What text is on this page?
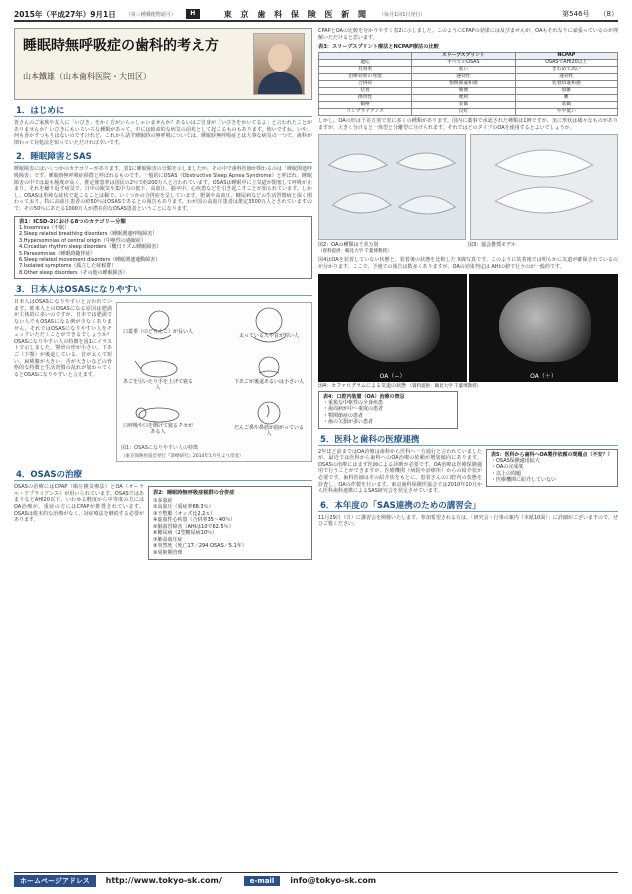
2015年（平成27年）9月1日 （第三種郵便物認可）	H	東 京 歯 科 保 険 医 新 聞 （毎月1回1日発行）	第546号 （8）
睡眠時無呼吸症の歯科的考え方
山本鐵雄（山本歯科医院・大田区）
1．はじめに

皆さんのご家族や友人に「いびき」をかく方がいらっしゃいませんか？あるいはご自身が「いびきをかいてるよ」と言われたことがありませんか？いびきにもいろいろな種類があって、中には致命的な病気の前兆として起こるものもあります。怖いですね。いや、何も香かすつもりはないのですけれど、これから話す睡眠時の無呼吸については、睡眠時無呼吸症とは大事な病気の一つで、歯科が関わって対処法を知っていただければ幸いです。

2．睡眠障害とSAS

睡眠障害にはいくつかのカテゴリーがあります。表1に睡眠障害の分類を示しましたが、その中で歯科医師が関わるのは「睡眠関連呼吸障害」です。睡眠時無呼吸症候群と呼ばれるものです。一般的にOSAS（Obstructive Sleep Apnea Syndrome）と呼ばれ、睡眠障害の中では最も頻度が高く、推定罹患率は国民の2％で約200万人と言われています。OSASは睡眠中に上気道が閉塞して呼吸が止まり、それを繰り返す病気で、日中の眠気や集中力の低下、高血圧、脳卒中、心疾患などを引き起こすことが知られています。しかし、OSASは単純な症状で起こることは稀で、いくつかの合併症を呈しています。肥満や高血圧、糖尿病などの生活習慣病と深く関わっており、特に高血圧患者の約50％はOSASであるとの報告もあります。わが国の高血圧患者は推定3500万人とされていますので、その50％にあたる1000万人が潜在的なOSAS患者ということになります。

表1：ICSD-2における8つのカテゴリー分類
1.Insomnias（不眠）
2.Sleep related breathing disorders（睡眠関連呼吸障害）
3.Hypersomnias of central origin（中枢性の過眠症）
4.Circadian rhythm sleep disorders（概日リズム睡眠障害）
5.Parasomnias（睡眠時随伴症）
6.Sleep related movement disorders（睡眠関連運動障害）
7.Isolated symptoms（孤立した症候群）
8.Other sleep disorders（その他の睡眠障害）
3．日本人はOSASになりやすい

日本人はOSASになりやすいと言われています。欧米人とのOSASになる原因は肥満が主体的に多いのですが、日本では肥満でない人でもOSASになる例が少なくありません。それではOSASになりやすい人をチェックいただくことができるでしょうか？OSASになりやすい人の特徴を図1にイラストで示しました。顎骨の形が小さい、下あご（下顎）が後退している、首が太くて短い、扁桃腺が大きい、舌が大きいなどの骨格的な特徴と生活習慣の乱れが加わってくるとOSASになりやすいと言えます。

口蓋垂（のどちんこ）が長い人
太っている人や首が短い人
あごを引いたり手を上げて寝る人
下あごが後退あるいは小さい人
口呼吸や口を開けて寝るクセがある人
だんご鼻や鼻筋が曲がっている人
図1：OSASになりやすい人の特徴
（東京保険医協会発行『診療研究』2014年1月号より改変）
4．OSASの治療

OSASの治療にはCPAP（陽圧換気療法）とOA（オーラル・アプライアンス）が用いられています。OSASではあまりなどAHI20以下、いわゆる軽度から中等度の方にはOA治療が、重症の方にはCPAPが推奨されています。OSASは根本的な治療がなく、対症療法を継続する必要があります。

表2：睡眠時無呼吸症候群の合併症
①多血症
②高血圧（重症率68.3％）
③不整脈（オッズ比2.2ｘ）
④虚血性心疾患（合併率35〜40％）
⑤脳血管障害（AHIは10で62.5％）
⑥糖尿病（2型糖尿病10％）
⑦肺高血圧症
⑧突然死（死亡17／294 OSAS／5.1年）
⑨周術期管理

CPAPとOAの比較を分かりやすく表2に示しました。このようにCPAPの効果には及びませんが、OAもそれなりに頑張っているのが理解いただけると思います。

表3：スリープスプリント療法とNCPAP療法の比較
	スリープスプリント	NCPAP
適応	すべてのOSAS	OSASでAHI20以上
有効率	高い	きわめて高い
治療効果の発現	速効性	速効性
合併症	顎関節違和感	装着時違和感
装着	簡便	煩雑
携帯性	便利	難
価格	安価	高価
コンプライアンス	良好	やや低い

しかし、OAの形は千差万別で実に多くの種類があります。国内に薬事で承認された種類は1例ですが、実に形状は様々なものがありますが、大きく分けると一体型と分離型に分けられます。それではどのタイプのOAを使用するとよいでしょうか。

図2：OAの種類は千差万別
（資料提供：鶴見大学 千葉博教授）
図3：協会推奨モデル

図4はOAを装着していない状態と、装着後の状態を比較した X線写真です。このように装着後では明らかに気道が確保されているのが分かります。ここで、予後での報告は数多くありますが、OAの効果判定は AHIの値で行うのが一般的です。

OA（−）	OA（＋）
図4：セファログラムによる気道の状態 （資料提供：鶴見大学 千葉博教授）
表4：口腔内装置（OA）治療の禁忌
・重篤な中枢性の全身疾患
・歯周病が中〜重度の患者
・顎関節症の患者
・歯の欠損が多い患者
5．医科と歯科の医療連携
表5：医科から歯科へOA製作依頼の問題点（不安？）
・OSAS保険適用拡大
・OAの完成度
・以上の問題
・医療機関に紹介していない

2年ほど前まではOA治療は歯科から医科へ一方通行と言われていましたが、最近では医科から歯科へのOA治療の依頼が増加傾向にあります。OSASの治療にはまず医師による診断が必要です。OA治療は医療保険適用で行うことができますが、医療機関（病院や診療所）からの紹介状が必要です。歯科医師はその紹介状をもとに、患者さんの口腔内の状態を診査し、OAの作製を行います。東京歯科保険医協会では2010年10月から医科歯科連携によるSAS研究会を発足させています。

6．本年度の「SAS連携のための講習会」

11月29日（日）に講習会を開催いたします。参加希望される方は、「研究会・行事の案内（本紙10面）」に詳細がございますので、ぜひご覧ください。

ホームページアドレス	http://www.tokyo-sk.com/	e-mail	info@tokyo-sk.com
